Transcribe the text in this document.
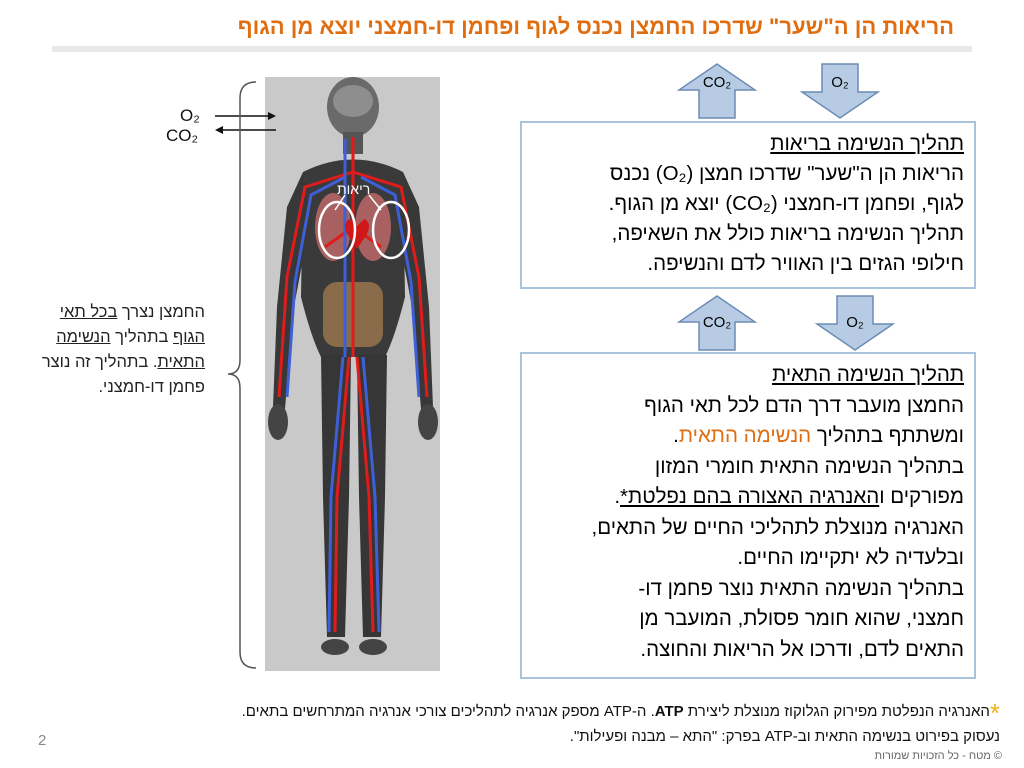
הריאות הן ה"שער" שדרכו החמצן נכנס לגוף ופחמן דו-חמצני יוצא מן הגוף
CO₂	O₂
תהליך הנשימה בריאות
הריאות הן ה"שער" שדרכו חמצן (O₂) נכנס
לגוף, ופחמן דו-חמצני (CO₂) יוצא מן הגוף.
תהליך הנשימה בריאות כולל את השאיפה,
חילופי הגזים בין האוויר לדם והנשיפה.
CO₂	O₂
תהליך הנשימה התאית
החמצן מועבר דרך הדם לכל תאי הגוף
ומשתתף בתהליך הנשימה התאית.
בתהליך הנשימה התאית חומרי המזון
מפורקים והאנרגיה האצורה בהם נפלטת*.
האנרגיה מנוצלת לתהליכי החיים של התאים,
ובלעדיה לא יתקיימו החיים.
בתהליך הנשימה התאית נוצר פחמן דו-
חמצני, שהוא חומר פסולת, המועבר מן
התאים לדם, ודרכו אל הריאות והחוצה.
ריאות
O₂
CO₂
החמצן נצרך בכל תאי הגוף בתהליך הנשימה התאית. בתהליך זה נוצר פחמן דו-חמצני.
*האנרגיה הנפלטת מפירוק הגלוקוז מנוצלת ליצירת ATP. ה-ATP מספק אנרגיה לתהליכים צורכי אנרגיה המתרחשים בתאים.
נעסוק בפירוט בנשימה התאית וב-ATP בפרק: "התא – מבנה ופעילות".
2
© מטח - כל הזכויות שמורות
